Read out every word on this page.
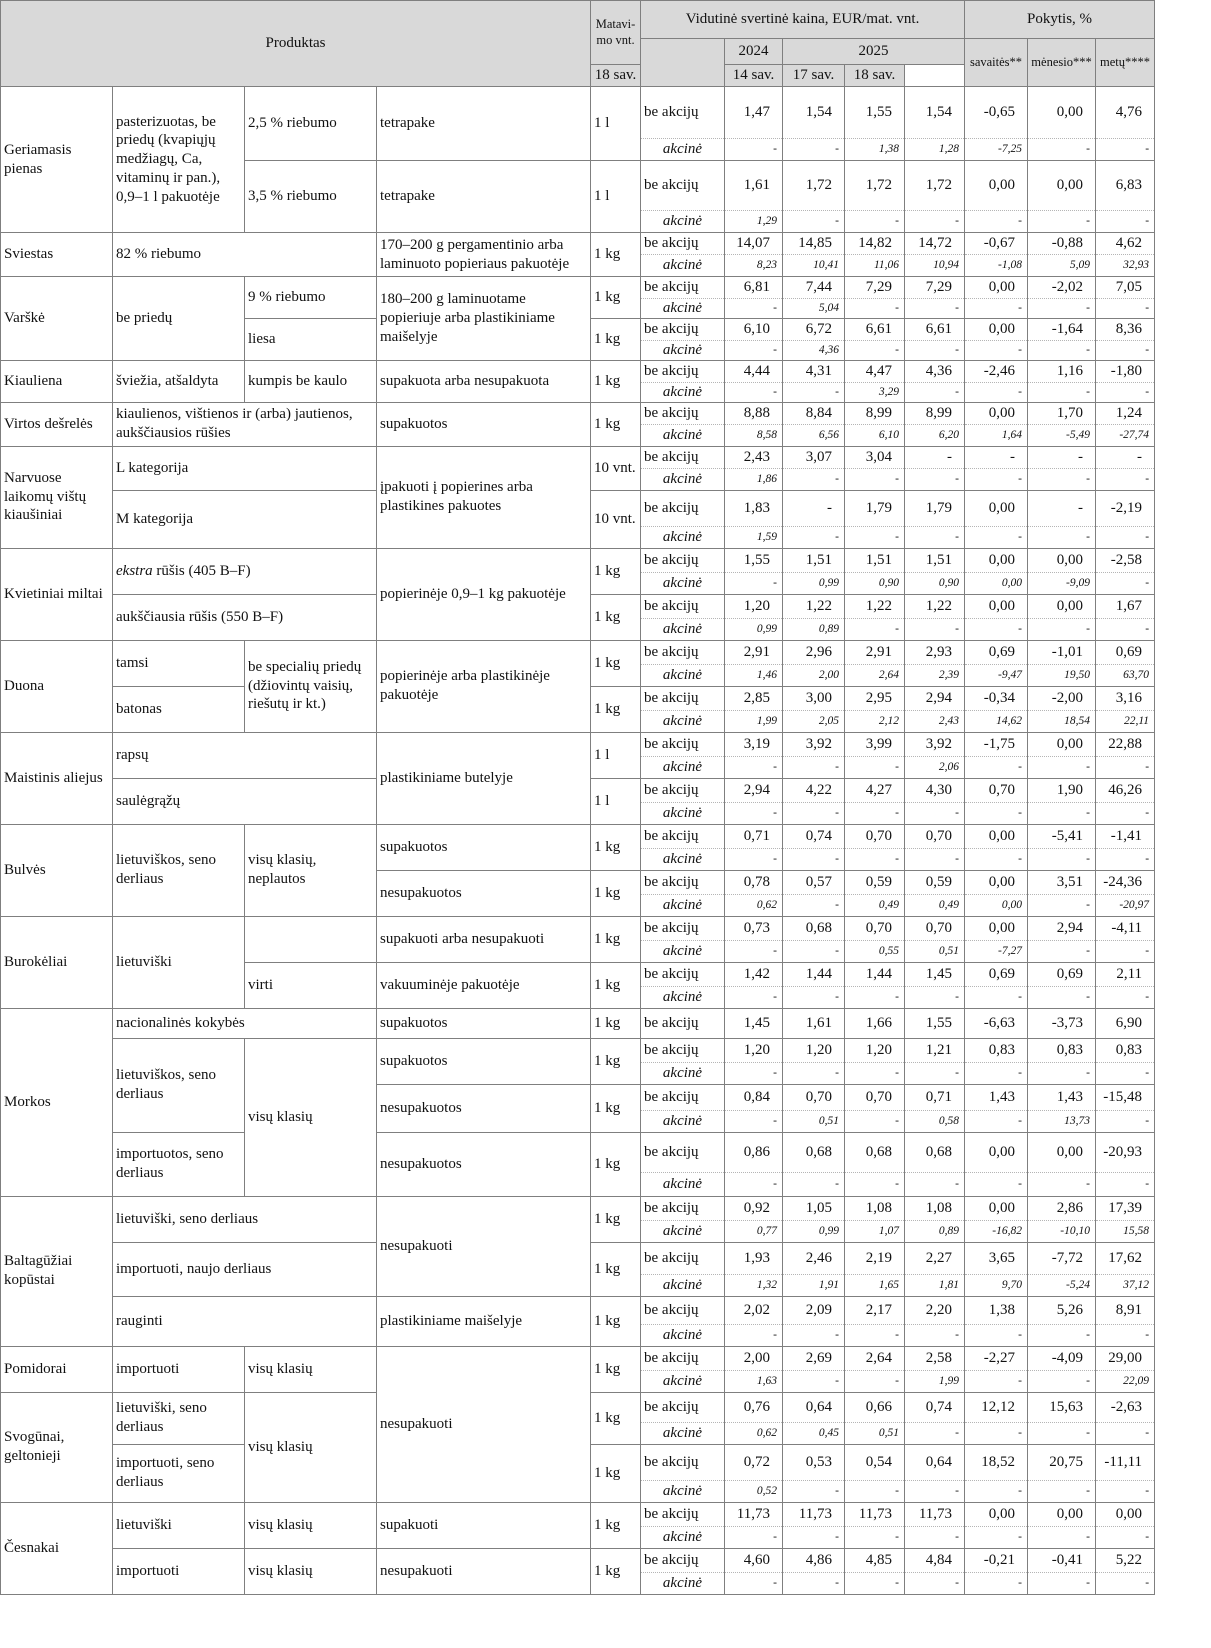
Produktas				Matavi-
mo vnt.	Vidutinė svertinė kaina, EUR/mat. vnt.					Pokytis, %		
						2024	2025			savaitės**	mėnesio***	metų****
				18 sav.		14 sav.	17 sav.	18 sav.				
Geriamasis pienas	pasterizuotas, be priedų (kvapiųjų medžiagų, Ca, vitaminų ir pan.), 0,9–1 l pakuotėje	2,5 % riebumo	tetrapake	1 l	be akcijų	1,47	1,54	1,55	1,54	-0,65	0,00	4,76
					akcinė	-	-	1,38	1,28	-7,25	-	-
		3,5 % riebumo	tetrapake	1 l	be akcijų	1,61	1,72	1,72	1,72	0,00	0,00	6,83
					akcinė	1,29	-	-	-	-	-	-
Sviestas	82 % riebumo		170–200 g pergamentinio arba laminuoto popieriaus pakuotėje	1 kg	be akcijų	14,07	14,85	14,82	14,72	-0,67	-0,88	4,62
					akcinė	8,23	10,41	11,06	10,94	-1,08	5,09	32,93
Varškė	be priedų	9 % riebumo	180–200 g laminuotame popieriuje arba plastikiniame maišelyje	1 kg	be akcijų	6,81	7,44	7,29	7,29	0,00	-2,02	7,05
					akcinė	-	5,04	-	-	-	-	-
		liesa		1 kg	be akcijų	6,10	6,72	6,61	6,61	0,00	-1,64	8,36
					akcinė	-	4,36	-	-	-	-	-
Kiauliena	šviežia, atšaldyta	kumpis be kaulo	supakuota arba nesupakuota	1 kg	be akcijų	4,44	4,31	4,47	4,36	-2,46	1,16	-1,80
					akcinė	-	-	3,29	-	-	-	-
Virtos dešrelės	kiaulienos, vištienos ir (arba) jautienos, aukščiausios rūšies		supakuotos	1 kg	be akcijų	8,88	8,84	8,99	8,99	0,00	1,70	1,24
					akcinė	8,58	6,56	6,10	6,20	1,64	-5,49	-27,74
Narvuose laikomų vištų kiaušiniai	L kategorija		įpakuoti į popierines arba plastikines pakuotes	10 vnt.	be akcijų	2,43	3,07	3,04	-	-	-	-
					akcinė	1,86	-	-	-	-	-	-
	M kategorija			10 vnt.	be akcijų	1,83	-	1,79	1,79	0,00	-	-2,19
					akcinė	1,59	-	-	-	-	-	-
Kvietiniai miltai	ekstra rūšis (405 B–F)		popierinėje 0,9–1 kg pakuotėje	1 kg	be akcijų	1,55	1,51	1,51	1,51	0,00	0,00	-2,58
					akcinė	-	0,99	0,90	0,90	0,00	-9,09	-
	aukščiausia rūšis (550 B–F)			1 kg	be akcijų	1,20	1,22	1,22	1,22	0,00	0,00	1,67
					akcinė	0,99	0,89	-	-	-	-	-
Duona	tamsi	be specialių priedų (džiovintų vaisių, riešutų ir kt.)	popierinėje arba plastikinėje pakuotėje	1 kg	be akcijų	2,91	2,96	2,91	2,93	0,69	-1,01	0,69
					akcinė	1,46	2,00	2,64	2,39	-9,47	19,50	63,70
	batonas			1 kg	be akcijų	2,85	3,00	2,95	2,94	-0,34	-2,00	3,16
					akcinė	1,99	2,05	2,12	2,43	14,62	18,54	22,11
Maistinis aliejus	rapsų		plastikiniame butelyje	1 l	be akcijų	3,19	3,92	3,99	3,92	-1,75	0,00	22,88
					akcinė	-	-	-	2,06	-	-	-
	saulėgrąžų			1 l	be akcijų	2,94	4,22	4,27	4,30	0,70	1,90	46,26
					akcinė	-	-	-	-	-	-	-
Bulvės	lietuviškos, seno derliaus	visų klasių, neplautos	supakuotos	1 kg	be akcijų	0,71	0,74	0,70	0,70	0,00	-5,41	-1,41
					akcinė	-	-	-	-	-	-	-
			nesupakuotos	1 kg	be akcijų	0,78	0,57	0,59	0,59	0,00	3,51	-24,36
					akcinė	0,62	-	0,49	0,49	0,00	-	-20,97
Burokėliai	lietuviški		supakuoti arba nesupakuoti	1 kg	be akcijų	0,73	0,68	0,70	0,70	0,00	2,94	-4,11
					akcinė	-	-	0,55	0,51	-7,27	-	-
		virti	vakuuminėje pakuotėje	1 kg	be akcijų	1,42	1,44	1,44	1,45	0,69	0,69	2,11
					akcinė	-	-	-	-	-	-	-
Morkos	nacionalinės kokybės		supakuotos	1 kg	be akcijų	1,45	1,61	1,66	1,55	-6,63	-3,73	6,90
	lietuviškos, seno derliaus	visų klasių	supakuotos	1 kg	be akcijų	1,20	1,20	1,20	1,21	0,83	0,83	0,83
					akcinė	-	-	-	-	-	-	-
			nesupakuotos	1 kg	be akcijų	0,84	0,70	0,70	0,71	1,43	1,43	-15,48
					akcinė	-	0,51	-	0,58	-	13,73	-
	importuotos, seno derliaus		nesupakuotos	1 kg	be akcijų	0,86	0,68	0,68	0,68	0,00	0,00	-20,93
					akcinė	-	-	-	-	-	-	-
Baltagūžiai kopūstai	lietuviški, seno derliaus		nesupakuoti	1 kg	be akcijų	0,92	1,05	1,08	1,08	0,00	2,86	17,39
					akcinė	0,77	0,99	1,07	0,89	-16,82	-10,10	15,58
	importuoti, naujo derliaus			1 kg	be akcijų	1,93	2,46	2,19	2,27	3,65	-7,72	17,62
					akcinė	1,32	1,91	1,65	1,81	9,70	-5,24	37,12
	rauginti		plastikiniame maišelyje	1 kg	be akcijų	2,02	2,09	2,17	2,20	1,38	5,26	8,91
					akcinė	-	-	-	-	-	-	-
Pomidorai	importuoti	visų klasių	nesupakuoti	1 kg	be akcijų	2,00	2,69	2,64	2,58	-2,27	-4,09	29,00
					akcinė	1,63	-	-	1,99	-	-	22,09
Svogūnai, geltonieji	lietuviški, seno derliaus	visų klasių		1 kg	be akcijų	0,76	0,64	0,66	0,74	12,12	15,63	-2,63
					akcinė	0,62	0,45	0,51	-	-	-	-
	importuoti, seno derliaus			1 kg	be akcijų	0,72	0,53	0,54	0,64	18,52	20,75	-11,11
					akcinė	0,52	-	-	-	-	-	-
Česnakai	lietuviški	visų klasių	supakuoti	1 kg	be akcijų	11,73	11,73	11,73	11,73	0,00	0,00	0,00
					akcinė	-	-	-	-	-	-	-
	importuoti	visų klasių	nesupakuoti	1 kg	be akcijų	4,60	4,86	4,85	4,84	-0,21	-0,41	5,22
					akcinė	-	-	-	-	-	-	-
